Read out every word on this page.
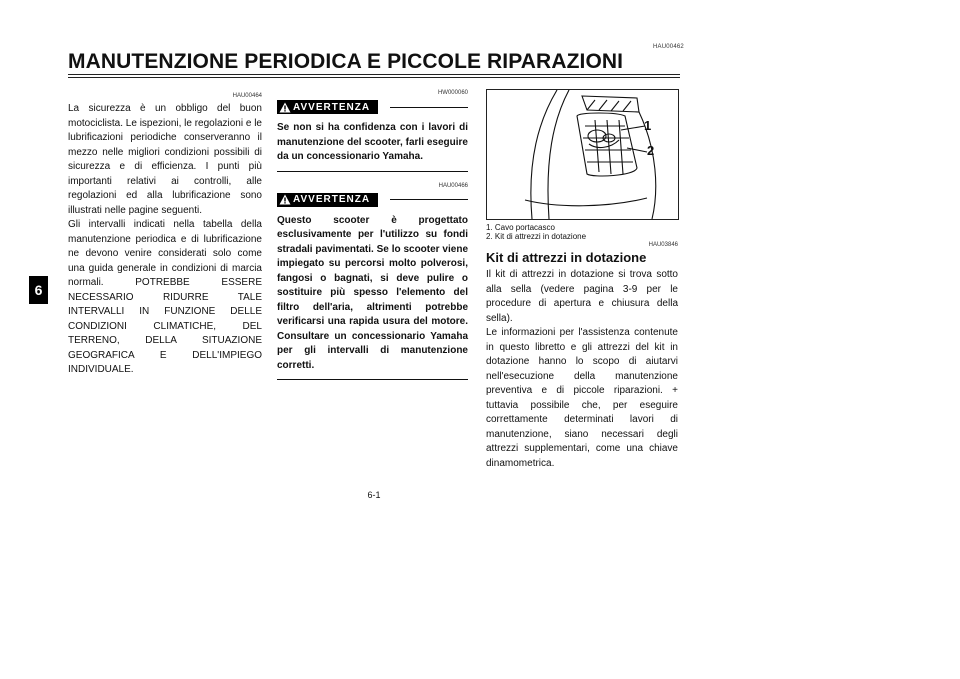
HAU00462
MANUTENZIONE PERIODICA E PICCOLE RIPARAZIONI
6
HAU00464

La sicurezza è un obbligo del buon motociclista. Le ispezioni, le regolazioni e le lubrificazioni periodiche conserveranno il mezzo nelle migliori condizioni possibili di sicurezza e di efficienza. I punti più importanti relativi ai controlli, alle regolazioni ed alla lubrificazione sono illustrati nelle pagine seguenti.

Gli intervalli indicati nella tabella della manutenzione periodica e di lubrificazione ne devono venire considerati solo come una guida generale in condizioni di marcia normali. POTREBBE ESSERE NECESSARIO RIDURRE TALE INTERVALLI IN FUNZIONE DELLE CONDIZIONI CLIMATICHE, DEL TERRENO, DELLA SITUAZIONE GEOGRAFICA E DELL'IMPIEGO INDIVIDUALE.

HW000060
AVVERTENZA
Se non si ha confidenza con i lavori di manutenzione del scooter, farli eseguire da un concessionario Yamaha.
HAU00466
AVVERTENZA
Questo scooter è progettato esclusivamente per l'utilizzo su fondi stradali pavimentati. Se lo scooter viene impiegato su percorsi molto polverosi, fangosi o bagnati, si deve pulire o sostituire più spesso l'elemento del filtro dell'aria, altrimenti potrebbe verificarsi una rapida usura del motore. Consultare un concessionario Yamaha per gli intervalli di manutenzione corretti.
1
2
1. Cavo portacasco
2. Kit di attrezzi in dotazione
HAU03846
Kit di attrezzi in dotazione

Il kit di attrezzi in dotazione si trova sotto alla sella (vedere pagina 3-9 per le procedure di apertura e chiusura della sella).

Le informazioni per l'assistenza contenute in questo libretto e gli attrezzi del kit in dotazione hanno lo scopo di aiutarvi nell'esecuzione della manutenzione preventiva e di piccole riparazioni. + tuttavia possibile che, per eseguire correttamente determinati lavori di manutenzione, siano necessari degli attrezzi supplementari, come una chiave dinamometrica.

6-1
